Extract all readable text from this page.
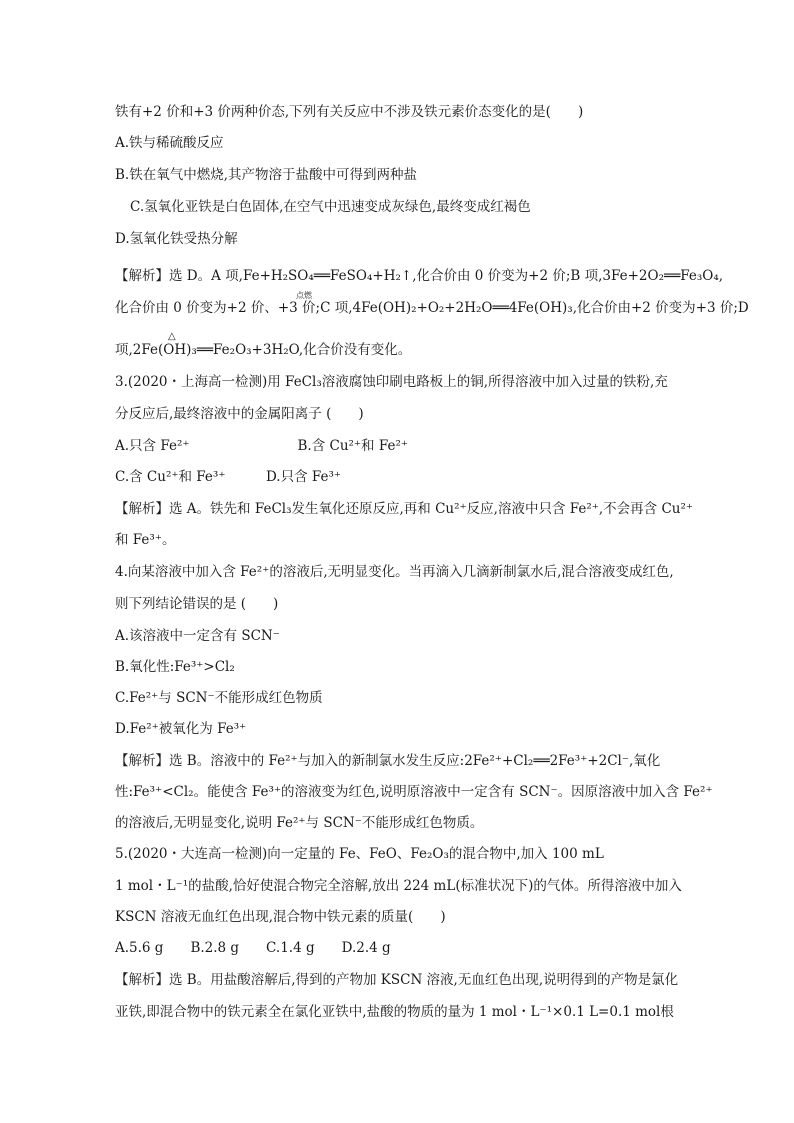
铁有+2 价和+3 价两种价态,下列有关反应中不涉及铁元素价态变化的是(　　)
A.铁与稀硫酸反应
B.铁在氧气中燃烧,其产物溶于盐酸中可得到两种盐
C.氢氧化亚铁是白色固体,在空气中迅速变成灰绿色,最终变成红褐色
D.氢氧化铁受热分解
点燃
【解析】选 D。A 项,Fe+H₂SO₄══FeSO₄+H₂↑,化合价由 0 价变为+2 价;B 项,3Fe+2O₂══Fe₃O₄,
化合价由 0 价变为+2 价、+3 价;C 项,4Fe(OH)₂+O₂+2H₂O══4Fe(OH)₃,化合价由+2 价变为+3 价;D
△
项,2Fe(OH)₃══Fe₂O₃+3H₂O,化合价没有变化。
3.(2020・上海高一检测)用 FeCl₃溶液腐蚀印刷电路板上的铜,所得溶液中加入过量的铁粉,充
分反应后,最终溶液中的金属阳离子 (　　)
A.只含 Fe²⁺　　　　　　　　B.含 Cu²⁺和 Fe²⁺
C.含 Cu²⁺和 Fe³⁺　　　D.只含 Fe³⁺
【解析】选 A。铁先和 FeCl₃发生氧化还原反应,再和 Cu²⁺反应,溶液中只含 Fe²⁺,不会再含 Cu²⁺
和 Fe³⁺。
4.向某溶液中加入含 Fe²⁺的溶液后,无明显变化。当再滴入几滴新制氯水后,混合溶液变成红色,
则下列结论错误的是 (　　)
A.该溶液中一定含有 SCN⁻
B.氧化性:Fe³⁺>Cl₂
C.Fe²⁺与 SCN⁻不能形成红色物质
D.Fe²⁺被氧化为 Fe³⁺
【解析】选 B。溶液中的 Fe²⁺与加入的新制氯水发生反应:2Fe²⁺+Cl₂══2Fe³⁺+2Cl⁻,氧化
性:Fe³⁺<Cl₂。能使含 Fe³⁺的溶液变为红色,说明原溶液中一定含有 SCN⁻。因原溶液中加入含 Fe²⁺
的溶液后,无明显变化,说明 Fe²⁺与 SCN⁻不能形成红色物质。
5.(2020・大连高一检测)向一定量的 Fe、FeO、Fe₂O₃的混合物中,加入 100 mL
1 mol・L⁻¹的盐酸,恰好使混合物完全溶解,放出 224 mL(标准状况下)的气体。所得溶液中加入
KSCN 溶液无血红色出现,混合物中铁元素的质量(　　)
A.5.6 g　　B.2.8 g　　C.1.4 g　　D.2.4 g
【解析】选 B。用盐酸溶解后,得到的产物加 KSCN 溶液,无血红色出现,说明得到的产物是氯化
亚铁,即混合物中的铁元素全在氯化亚铁中,盐酸的物质的量为 1 mol・L⁻¹×0.1 L=0.1 mol根
